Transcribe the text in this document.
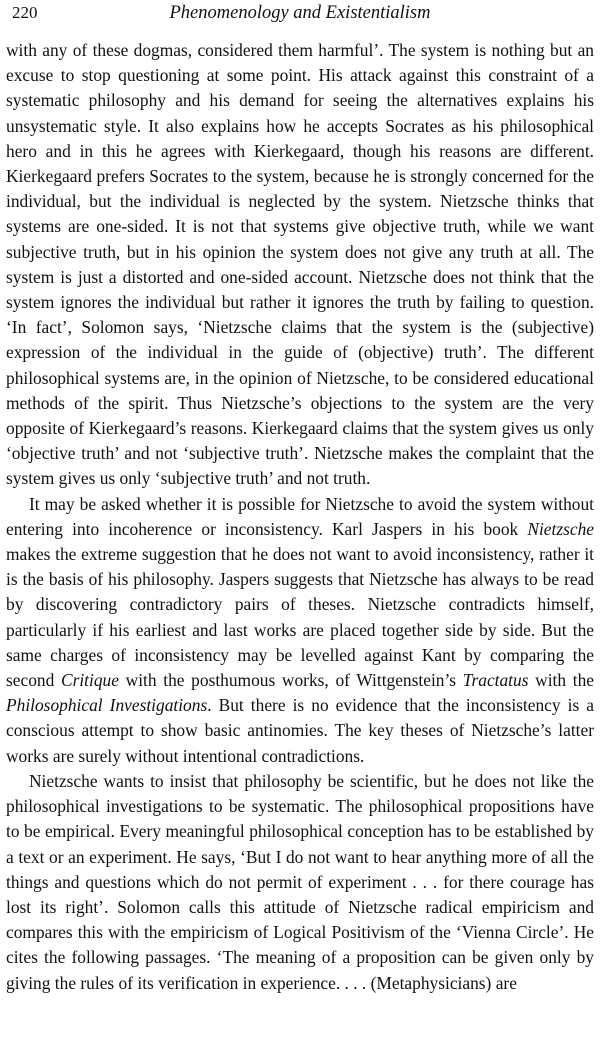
220	Phenomenology and Existentialism

with any of these dogmas, considered them harmful’. The system is nothing but an excuse to stop questioning at some point. His attack against this constraint of a systematic philosophy and his demand for seeing the alternatives explains his unsystematic style. It also explains how he accepts Socrates as his philosophical hero and in this he agrees with Kierkegaard, though his reasons are different. Kierkegaard prefers Socrates to the system, because he is strongly concerned for the individual, but the individual is neglected by the system. Nietzsche thinks that systems are one-sided. It is not that systems give objective truth, while we want subjective truth, but in his opinion the system does not give any truth at all. The system is just a distorted and one-sided account. Nietzsche does not think that the system ignores the individual but rather it ignores the truth by failing to question. ‘In fact’, Solomon says, ‘Nietzsche claims that the system is the (subjective) expression of the individual in the guide of (objective) truth’. The different philosophical systems are, in the opinion of Nietzsche, to be considered educational methods of the spirit. Thus Nietzsche’s objections to the system are the very opposite of Kierkegaard’s reasons. Kierkegaard claims that the system gives us only ‘objective truth’ and not ‘subjective truth’. Nietzsche makes the complaint that the system gives us only ‘subjective truth’ and not truth.

It may be asked whether it is possible for Nietzsche to avoid the system without entering into incoherence or inconsistency. Karl Jaspers in his book Nietzsche makes the extreme suggestion that he does not want to avoid inconsistency, rather it is the basis of his philosophy. Jaspers suggests that Nietzsche has always to be read by discovering contradictory pairs of theses. Nietzsche contradicts himself, particularly if his earliest and last works are placed together side by side. But the same charges of inconsistency may be levelled against Kant by comparing the second Critique with the posthumous works, of Wittgenstein’s Tractatus with the Philosophical Investigations. But there is no evidence that the inconsistency is a conscious attempt to show basic antinomies. The key theses of Nietzsche’s latter works are surely without intentional contradictions.

Nietzsche wants to insist that philosophy be scientific, but he does not like the philosophical investigations to be systematic. The philosophical propositions have to be empirical. Every meaningful philosophical conception has to be established by a text or an experiment. He says, ‘But I do not want to hear anything more of all the things and questions which do not permit of experiment . . . for there courage has lost its right’. Solomon calls this attitude of Nietzsche radical empiricism and compares this with the empiricism of Logical Positivism of the ‘Vienna Circle’. He cites the following passages. ‘The meaning of a proposition can be given only by giving the rules of its verification in experience. . . . (Metaphysicians) are
